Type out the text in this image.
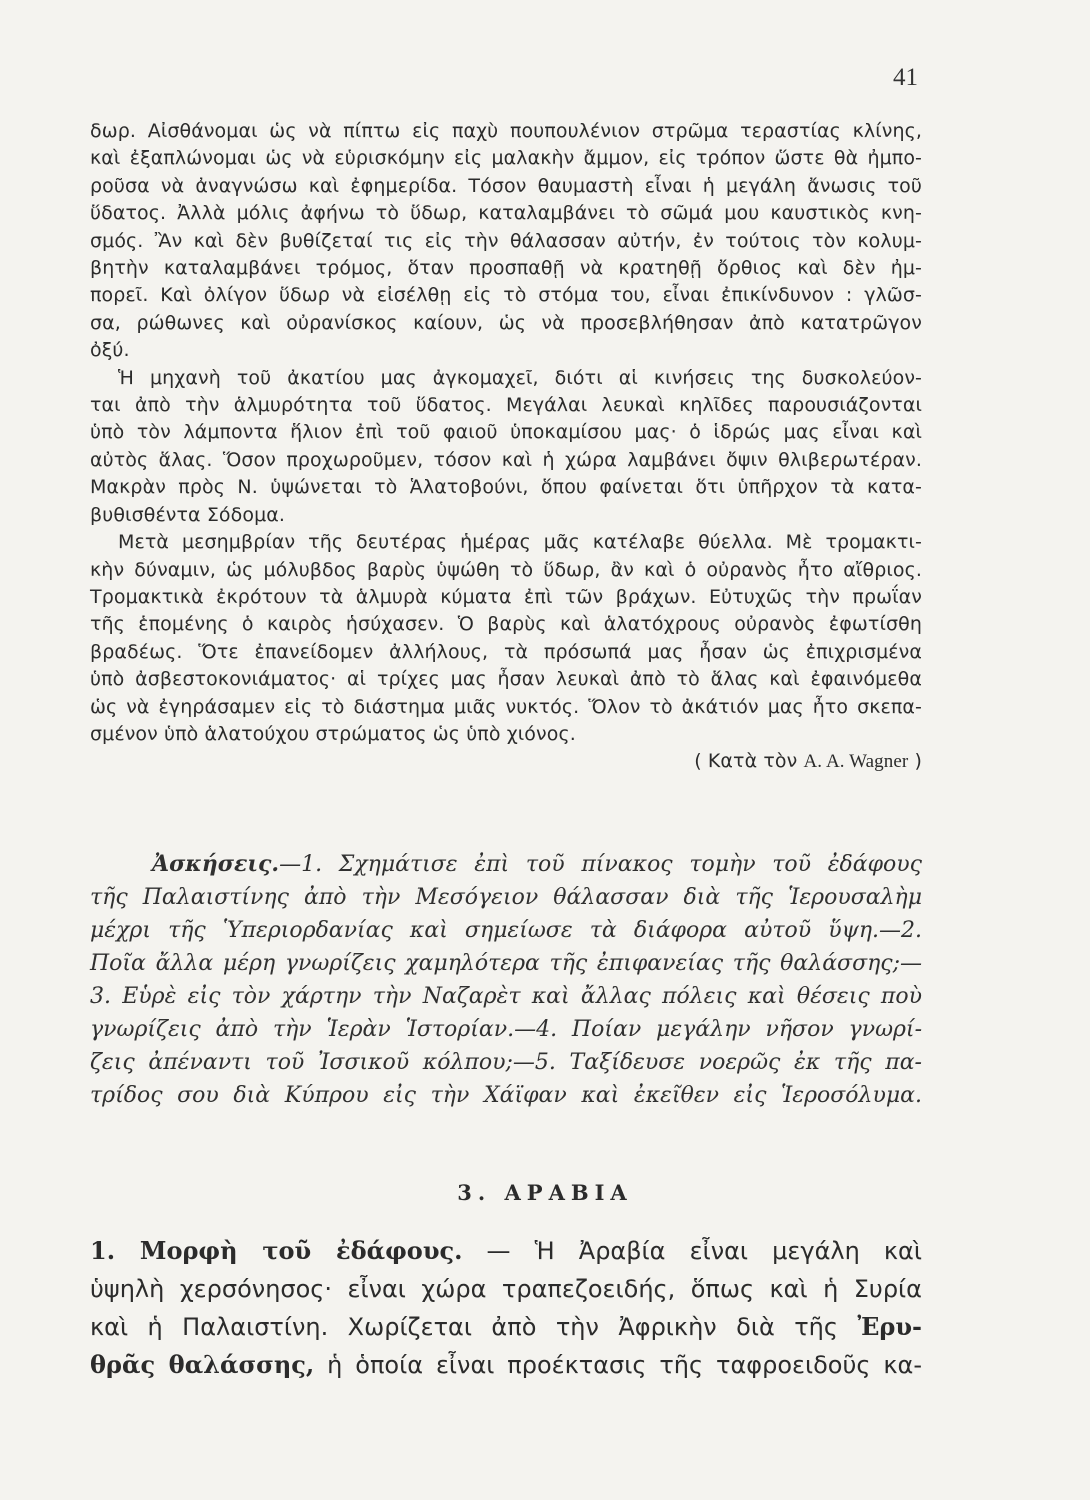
41
δωρ. Αἰσθάνομαι ὡς νὰ πίπτω εἰς παχὺ πουπουλένιον στρῶμα τεραστίας κλίνης,
καὶ ἐξαπλώνομαι ὡς νὰ εὑρισκόμην εἰς μαλακὴν ἄμμον, εἰς τρόπον ὥστε θὰ ἠμπο-
ροῦσα νὰ ἀναγνώσω καὶ ἐφημερίδα. Τόσον θαυμαστὴ εἶναι ἡ μεγάλη ἄνωσις τοῦ
ὕδατος. Ἀλλὰ μόλις ἀφήνω τὸ ὕδωρ, καταλαμβάνει τὸ σῶμά μου καυστικὸς κνη-
σμός. Ἂν καὶ δὲν βυθίζεταί τις εἰς τὴν θάλασσαν αὐτήν, ἐν τούτοις τὸν κολυμ-
βητὴν καταλαμβάνει τρόμος, ὅταν προσπαθῇ νὰ κρατηθῇ ὄρθιος καὶ δὲν ἠμ-
πορεῖ. Καὶ ὀλίγον ὕδωρ νὰ εἰσέλθῃ εἰς τὸ στόμα του, εἶναι ἐπικίνδυνον : γλῶσ-
σα, ρώθωνες καὶ οὐρανίσκος καίουν, ὡς νὰ προσεβλήθησαν ἀπὸ κατατρῶγον
ὀξύ.
Ἡ μηχανὴ τοῦ ἀκατίου μας ἀγκομαχεῖ, διότι αἱ κινήσεις της δυσκολεύον-
ται ἀπὸ τὴν ἁλμυρότητα τοῦ ὕδατος. Μεγάλαι λευκαὶ κηλῖδες παρουσιάζονται
ὑπὸ τὸν λάμποντα ἥλιον ἐπὶ τοῦ φαιοῦ ὑποκαμίσου μας· ὁ ἱδρώς μας εἶναι καὶ
αὐτὸς ἅλας. Ὅσον προχωροῦμεν, τόσον καὶ ἡ χώρα λαμβάνει ὄψιν θλιβερωτέραν.
Μακρὰν πρὸς Ν. ὑψώνεται τὸ Ἁλατοβούνι, ὅπου φαίνεται ὅτι ὑπῆρχον τὰ κατα-
βυθισθέντα Σόδομα.
Μετὰ μεσημβρίαν τῆς δευτέρας ἡμέρας μᾶς κατέλαβε θύελλα. Μὲ τρομακτι-
κὴν δύναμιν, ὡς μόλυβδος βαρὺς ὑψώθη τὸ ὕδωρ, ἂν καὶ ὁ οὐρανὸς ἦτο αἴθριος.
Τρομακτικὰ ἐκρότουν τὰ ἁλμυρὰ κύματα ἐπὶ τῶν βράχων. Εὐτυχῶς τὴν πρωΐαν
τῆς ἑπομένης ὁ καιρὸς ἡσύχασεν. Ὁ βαρὺς καὶ ἁλατόχρους οὐρανὸς ἐφωτίσθη
βραδέως. Ὅτε ἐπανείδομεν ἀλλήλους, τὰ πρόσωπά μας ἦσαν ὡς ἐπιχρισμένα
ὑπὸ ἀσβεστοκονιάματος· αἱ τρίχες μας ἦσαν λευκαὶ ἀπὸ τὸ ἅλας καὶ ἐφαινόμεθα
ὡς νὰ ἐγηράσαμεν εἰς τὸ διάστημα μιᾶς νυκτός. Ὅλον τὸ ἀκάτιόν μας ἦτο σκεπα-
σμένον ὑπὸ ἁλατούχου στρώματος ὡς ὑπὸ χιόνος.
( Κατὰ τὸν A. A. Wagner )
Ἀσκήσεις.—1. Σχημάτισε ἐπὶ τοῦ πίνακος τομὴν τοῦ ἐδάφους
τῆς Παλαιστίνης ἀπὸ τὴν Μεσόγειον θάλασσαν διὰ τῆς Ἱερουσαλὴμ
μέχρι τῆς Ὑπεριορδανίας καὶ σημείωσε τὰ διάφορα αὐτοῦ ὕψη.—2.
Ποῖα ἄλλα μέρη γνωρίζεις χαμηλότερα τῆς ἐπιφανείας τῆς θαλάσσης;—
3. Εὑρὲ εἰς τὸν χάρτην τὴν Ναζαρὲτ καὶ ἄλλας πόλεις καὶ θέσεις ποὺ
γνωρίζεις ἀπὸ τὴν Ἱερὰν Ἱστορίαν.—4. Ποίαν μεγάλην νῆσον γνωρί-
ζεις ἀπέναντι τοῦ Ἰσσικοῦ κόλπου;—5. Ταξίδευσε νοερῶς ἐκ τῆς πα-
τρίδος σου διὰ Κύπρου εἰς τὴν Χάϊφαν καὶ ἐκεῖθεν εἰς Ἱεροσόλυμα.
3. ΑΡΑΒΙΑ
1. Μορφὴ τοῦ ἐδάφους. — Ἡ Ἀραβία εἶναι μεγάλη καὶ
ὑψηλὴ χερσόνησος· εἶναι χώρα τραπεζοειδής, ὅπως καὶ ἡ Συρία
καὶ ἡ Παλαιστίνη. Χωρίζεται ἀπὸ τὴν Ἀφρικὴν διὰ τῆς Ἐρυ-
θρᾶς θαλάσσης, ἡ ὁποία εἶναι προέκτασις τῆς ταφροειδοῦς κα-
